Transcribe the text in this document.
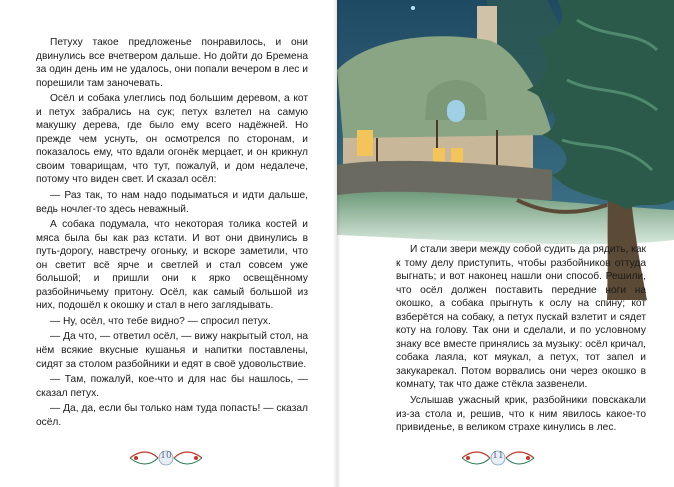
Петуху такое предложенье понравилось, и они двинулись все вчетвером дальше. Но дойти до Бремена за один день им не удалось, они попали вечером в лес и порешили там заночевать.

Осёл и собака улеглись под большим деревом, а кот и петух забрались на сук; петух взлетел на самую макушку дерева, где было ему всего надёжней. Но прежде чем уснуть, он осмотрелся по сторонам, и показалось ему, что вдали огонёк мерцает, и он крикнул своим товарищам, что тут, пожалуй, и дом недалече, потому что виден свет. И сказал осёл:

— Раз так, то нам надо подыматься и идти дальше, ведь ночлег-то здесь неважный.

А собака подумала, что некоторая толика костей и мяса была бы как раз кстати. И вот они двинулись в путь-дорогу, навстречу огоньку, и вскоре заметили, что он светит всё ярче и светлей и стал совсем уже большой; и пришли они к ярко освещённому разбойничьему притону. Осёл, как самый большой из них, подошёл к окошку и стал в него заглядывать.

— Ну, осёл, что тебе видно? — спросил петух.

— Да что, — ответил осёл, — вижу накрытый стол, на нём всякие вкусные кушанья и напитки поставлены, сидят за столом разбойники и едят в своё удовольствие.

— Там, пожалуй, кое-что и для нас бы нашлось, — сказал петух.

— Да, да, если бы только нам туда попасть! — сказал осёл.

10

И стали звери между собой судить да рядить, как к тому делу приступить, чтобы разбойников оттуда выгнать; и вот наконец нашли они способ. Решили, что осёл должен поставить передние ноги на окошко, а собака прыгнуть к ослу на спину; кот взберётся на собаку, а петух пускай взлетит и сядет коту на голову. Так они и сделали, и по условному знаку все вместе принялись за музыку: осёл кричал, собака лаяла, кот мяукал, а петух, тот запел и закукарекал. Потом ворвались они через окошко в комнату, так что даже стёкла зазвенели.

Услышав ужасный крик, разбойники повскакали из-за стола и, решив, что к ним явилось какое-то привиденье, в великом страхе кинулись в лес.

11
